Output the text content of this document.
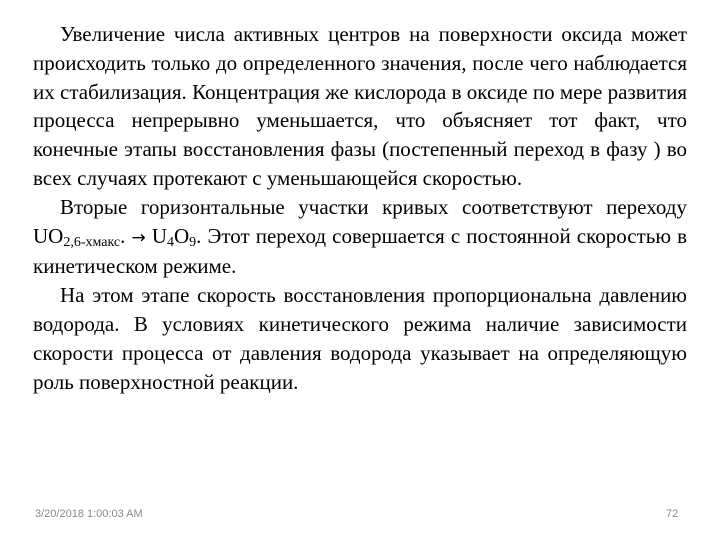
Увеличение числа активных центров на поверхности оксида может происходить только до определенного значения, после чего наблюдается их стабилизация. Концентрация же кислорода в оксиде по мере развития процесса непрерывно уменьшается, что объясняет тот факт, что конечные этапы восстановления фазы (постепенный переход в фазу ) во всех случаях протекают с уменьшающейся скоростью.

Вторые горизонтальные участки кривых соответствуют переходу $UO_{2,6-хмакс}$. → $U_4O_9$. Этот переход совершается с постоянной скоростью в кинетическом режиме.

На этом этапе скорость восстановления пропорциональна давлению водорода. В условиях кинетического режима наличие зависимости скорости процесса от давления водорода указывает на определяющую роль поверхностной реакции.

3/20/2018 1:00:03 AM	72
